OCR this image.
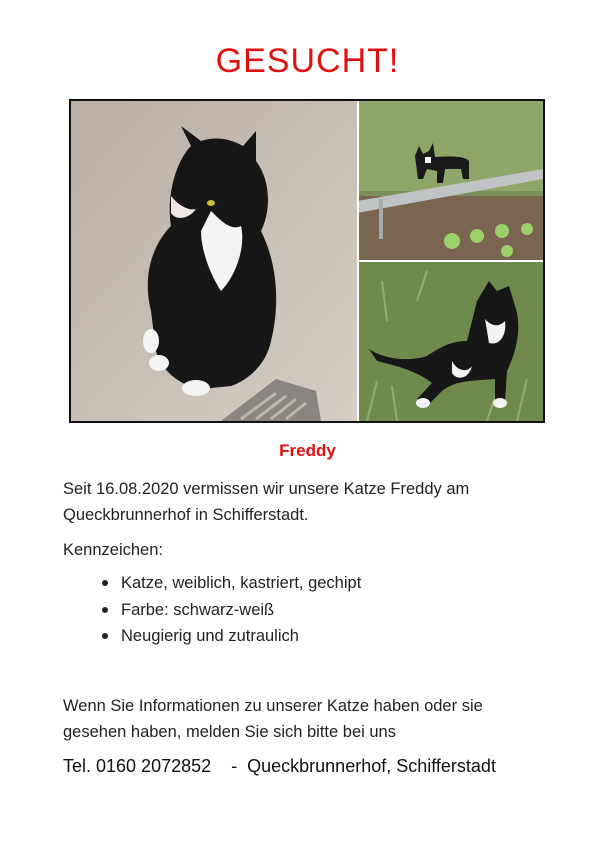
GESUCHT!
Freddy
Seit 16.08.2020 vermissen wir unsere Katze Freddy am Queckbrunnerhof in Schifferstadt.
Kennzeichen:
Katze, weiblich, kastriert, gechipt
Farbe: schwarz-weiß
Neugierig und zutraulich
Wenn Sie Informationen zu unserer Katze haben oder sie gesehen haben, melden Sie sich bitte bei uns
Tel. 0160 2072852    -  Queckbrunnerhof, Schifferstadt
